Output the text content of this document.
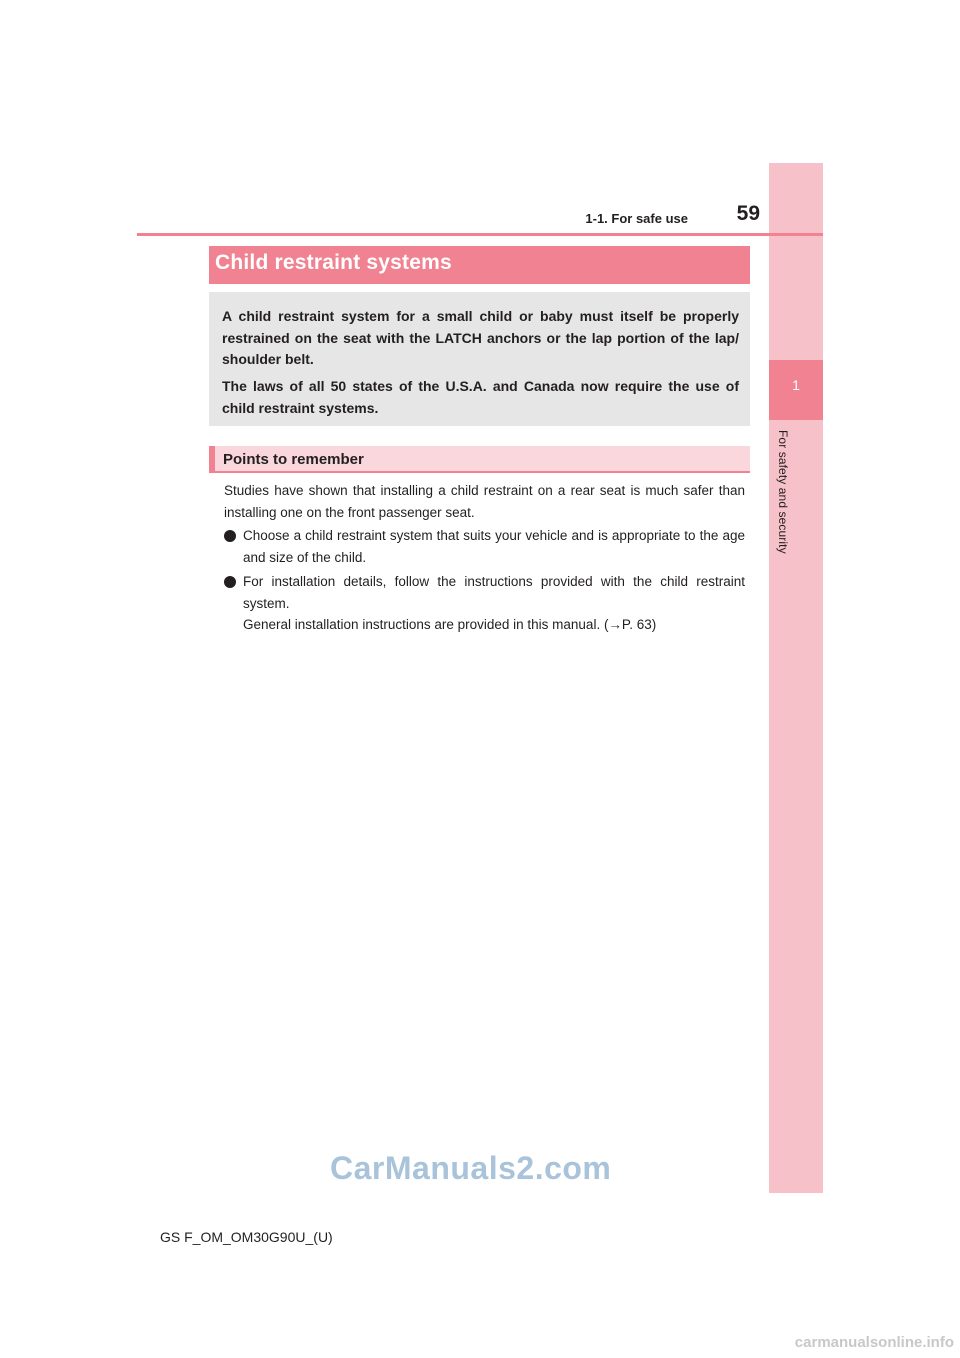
1
For safety and security
1-1. For safe use	59
Child restraint systems

A child restraint system for a small child or baby must itself be properly restrained on the seat with the LATCH anchors or the lap portion of the lap/ shoulder belt.

The laws of all 50 states of the U.S.A. and Canada now require the use of child restraint systems.

Points to remember

Studies have shown that installing a child restraint on a rear seat is much safer than installing one on the front passenger seat.

Choose a child restraint system that suits your vehicle and is appropriate to the age and size of the child.

For installation details, follow the instructions provided with the child restraint system.

General installation instructions are provided in this manual. (→P. 63)

CarManuals2.com
carmanualsonline.info
GS F_OM_OM30G90U_(U)
